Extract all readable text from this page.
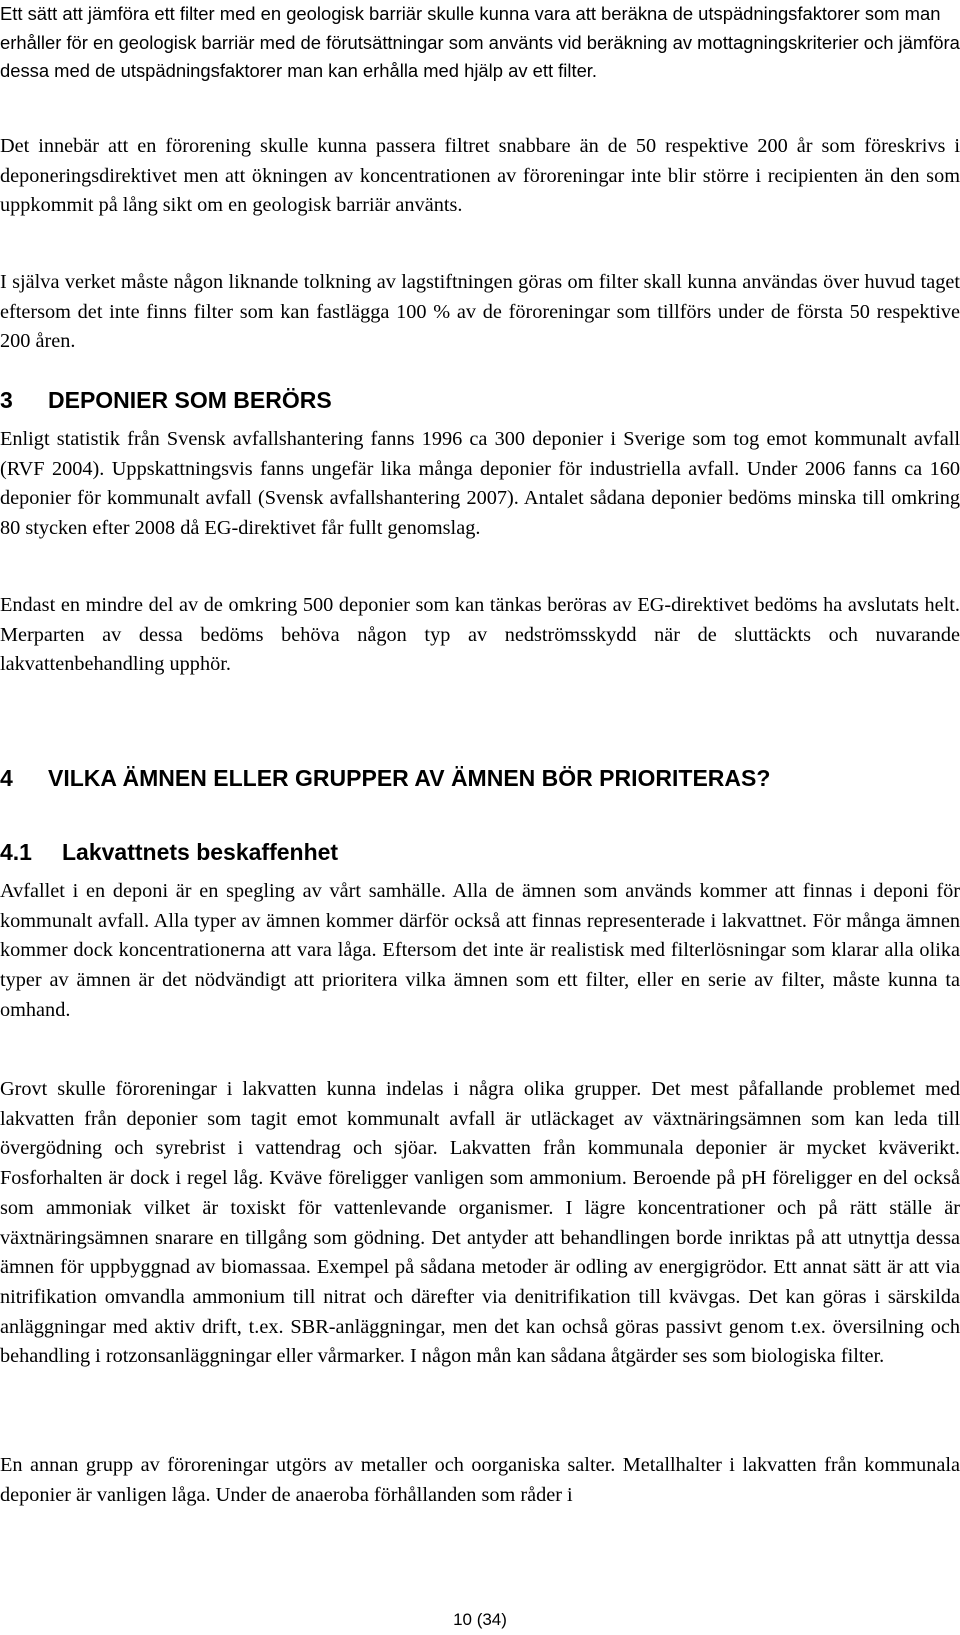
Ett sätt att jämföra ett filter med en geologisk barriär skulle kunna vara att beräkna de utspädningsfaktorer som man erhåller för en geologisk barriär med de förutsättningar som använts vid beräkning av mottagningskriterier och jämföra dessa med de utspädningsfaktorer man kan erhålla med hjälp av ett filter.

Det innebär att en förorening skulle kunna passera filtret snabbare än de 50 respektive 200 år som föreskrivs i deponeringsdirektivet men att ökningen av koncentrationen av föroreningar inte blir större i recipienten än den som uppkommit på lång sikt om en geologisk barriär använts.

I själva verket måste någon liknande tolkning av lagstiftningen göras om filter skall kunna användas över huvud taget eftersom det inte finns filter som kan fastlägga 100 % av de föroreningar som tillförs under de första 50 respektive 200 åren.

3 DEPONIER SOM BERÖRS

Enligt statistik från Svensk avfallshantering fanns 1996 ca 300 deponier i Sverige som tog emot kommunalt avfall (RVF 2004). Uppskattningsvis fanns ungefär lika många deponier för industriella avfall. Under 2006 fanns ca 160 deponier för kommunalt avfall (Svensk avfallshantering 2007). Antalet sådana deponier bedöms minska till omkring 80 stycken efter 2008 då EG-direktivet får fullt genomslag.

Endast en mindre del av de omkring 500 deponier som kan tänkas beröras av EG-direktivet bedöms ha avslutats helt. Merparten av dessa bedöms behöva någon typ av nedströmsskydd när de sluttäckts och nuvarande lakvattenbehandling upphör.

4 VILKA ÄMNEN ELLER GRUPPER AV ÄMNEN BÖR PRIORITERAS?
4.1 Lakvattnets beskaffenhet

Avfallet i en deponi är en spegling av vårt samhälle. Alla de ämnen som används kommer att finnas i deponi för kommunalt avfall. Alla typer av ämnen kommer därför också att finnas representerade i lakvattnet. För många ämnen kommer dock koncentrationerna att vara låga. Eftersom det inte är realistisk med filterlösningar som klarar alla olika typer av ämnen är det nödvändigt att prioritera vilka ämnen som ett filter, eller en serie av filter, måste kunna ta omhand.

Grovt skulle föroreningar i lakvatten kunna indelas i några olika grupper. Det mest påfallande problemet med lakvatten från deponier som tagit emot kommunalt avfall är utläckaget av växtnäringsämnen som kan leda till övergödning och syrebrist i vattendrag och sjöar. Lakvatten från kommunala deponier är mycket kväverikt. Fosforhalten är dock i regel låg. Kväve föreligger vanligen som ammonium. Beroende på pH föreligger en del också som ammoniak vilket är toxiskt för vattenlevande organismer. I lägre koncentrationer och på rätt ställe är växtnäringsämnen snarare en tillgång som gödning. Det antyder att behandlingen borde inriktas på att utnyttja dessa ämnen för uppbyggnad av biomassaa. Exempel på sådana metoder är odling av energigrödor. Ett annat sätt är att via nitrifikation omvandla ammonium till nitrat och därefter via denitrifikation till kvävgas. Det kan göras i särskilda anläggningar med aktiv drift, t.ex. SBR-anläggningar, men det kan ochså göras passivt genom t.ex. översilning och behandling i rotzonsanläggningar eller vårmarker. I någon mån kan sådana åtgärder ses som biologiska filter.

En annan grupp av föroreningar utgörs av metaller och oorganiska salter. Metallhalter i lakvatten från kommunala deponier är vanligen låga. Under de anaeroba förhållanden som råder i

10 (34)
